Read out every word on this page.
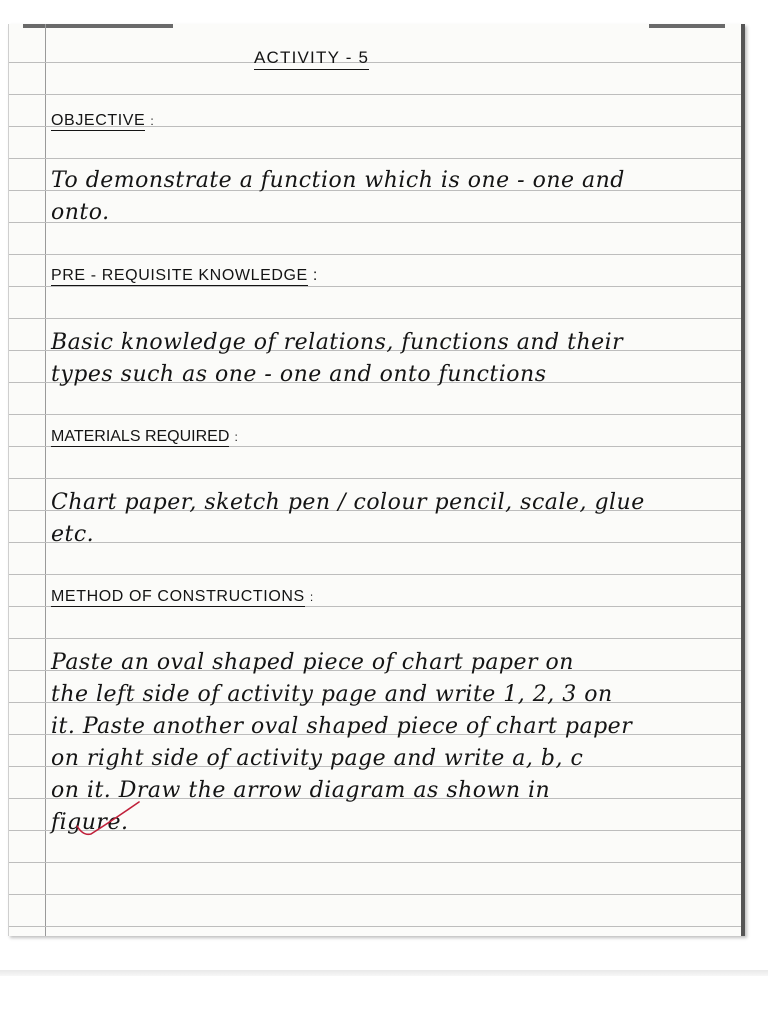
ACTIVITY - 5
OBJECTIVE :
To demonstrate a function which is one - one and
onto.
PRE - REQUISITE KNOWLEDGE :
Basic knowledge of relations, functions and their
types such as one - one and onto functions
MATERIALS REQUIRED :
Chart paper, sketch pen / colour pencil, scale, glue
etc.
METHOD OF CONSTRUCTIONS :
Paste an oval shaped piece of chart paper on
the left side of activity page and write 1, 2, 3 on
it. Paste another oval shaped piece of chart paper
on right side of activity page and write a, b, c
on it. Draw the arrow diagram as shown in
figure.
